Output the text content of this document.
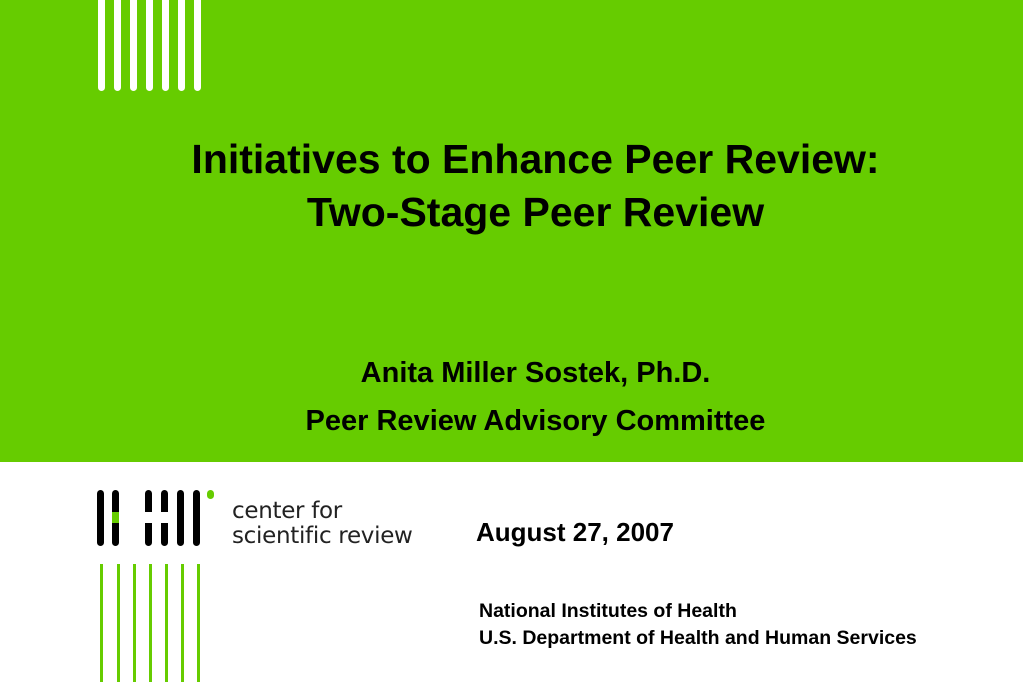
Initiatives to Enhance Peer Review:
Two-Stage Peer Review
Anita Miller Sostek, Ph.D.
Peer Review Advisory Committee
center for
scientific review August 27, 2007
National Institutes of Health
U.S. Department of Health and Human Services
